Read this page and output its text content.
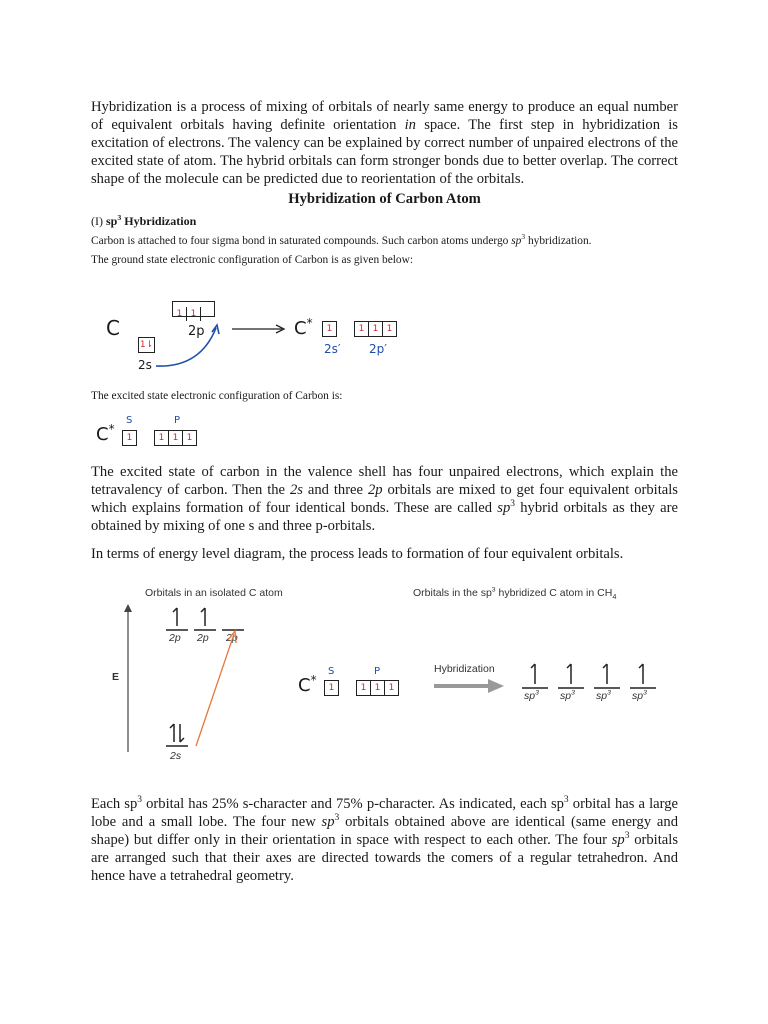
Hybridization is a process of mixing of orbitals of nearly same energy to produce an equal number of equivalent orbitals having definite orientation in space. The first step in hybridization is excitation of electrons. The valency can be explained by correct number of unpaired electrons of the excited state of atom. The hybrid orbitals can form stronger bonds due to better overlap. The correct shape of the molecule can be predicted due to reorientation of the orbitals.
Hybridization of Carbon Atom
(I) $sp^3$ Hybridization
Carbon is attached to four sigma bond in saturated compounds. Such carbon atoms undergo $sp^3$ hybridization.
The ground state electronic configuration of Carbon is as given below:
C
1⇂
2s
1 1
2p	C*	1	1 1 1
2s′ 2p′
The excited state electronic configuration of Carbon is:
C*
S	P
1	1 1 1
The excited state of carbon in the valence shell has four unpaired electrons, which explain the tetravalency of carbon. Then the 2s and three 2p orbitals are mixed to get four equivalent orbitals which explains formation of four identical bonds. These are called $sp^3$ hybrid orbitals as they are obtained by mixing of one s and three p-orbitals.
In terms of energy level diagram, the process leads to formation of four equivalent orbitals.
Orbitals in an isolated C atom	Orbitals in the $sp^3$ hybridized C atom in $CH_4$
E
2p 2p 2p
2s
C*
S	P
1	1 1 1
Hybridization
$sp^3$ $sp^3$ $sp^3$ $sp^3$
Each $sp^3$ orbital has 25% s-character and 75% p-character. As indicated, each $sp^3$ orbital has a large lobe and a small lobe. The four new $sp^3$ orbitals obtained above are identical (same energy and shape) but differ only in their orientation in space with respect to each other. The four $sp^3$ orbitals are arranged such that their axes are directed towards the comers of a regular tetrahedron. And hence have a tetrahedral geometry.
